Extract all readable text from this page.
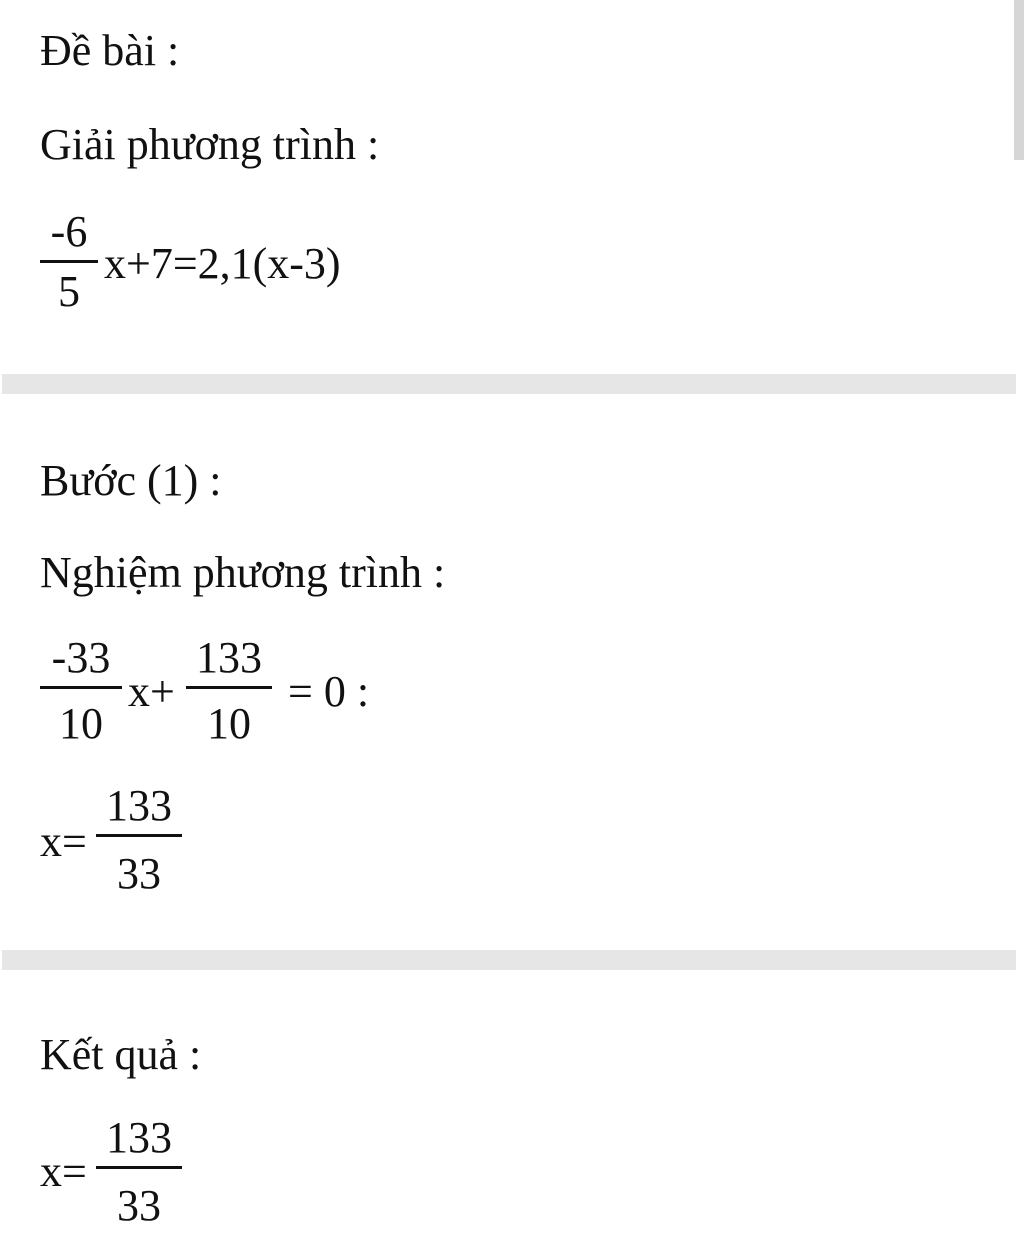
Đề bài :
Giải phương trình :
-6
5
x+7=2,1(x-3)
Bước (1) :
Nghiệm phương trình :
-33
10
x+
133
10
= 0 :
x=
133
33
Kết quả :
x=
133
33
